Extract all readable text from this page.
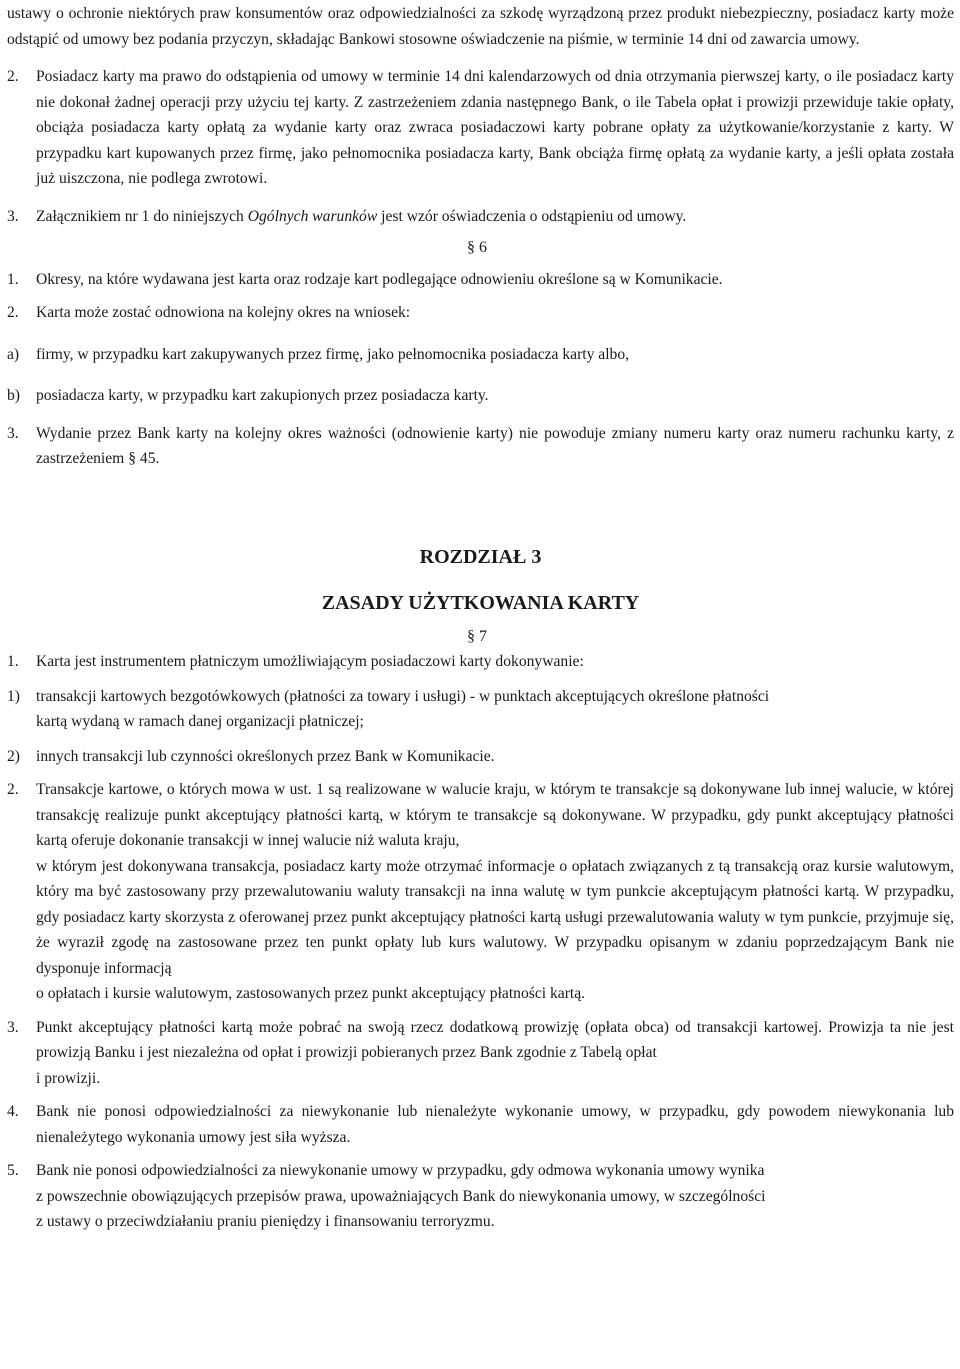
ustawy o ochronie niektórych praw konsumentów oraz odpowiedzialności za szkodę wyrządzoną przez produkt niebezpieczny, posiadacz karty może odstąpić od umowy bez podania przyczyn, składając Bankowi stosowne oświadczenie na piśmie, w terminie 14 dni od zawarcia umowy.

2. Posiadacz karty ma prawo do odstąpienia od umowy w terminie 14 dni kalendarzowych od dnia otrzymania pierwszej karty, o ile posiadacz karty nie dokonał żadnej operacji przy użyciu tej karty. Z zastrzeżeniem zdania następnego Bank, o ile Tabela opłat i prowizji przewiduje takie opłaty, obciąża posiadacza karty opłatą za wydanie karty oraz zwraca posiadaczowi karty pobrane opłaty za użytkowanie/korzystanie z karty. W przypadku kart kupowanych przez firmę, jako pełnomocnika posiadacza karty, Bank obciąża firmę opłatą za wydanie karty, a jeśli opłata została już uiszczona, nie podlega zwrotowi.
3. Załącznikiem nr 1 do niniejszych Ogólnych warunków jest wzór oświadczenia o odstąpieniu od umowy.
§ 6
1. Okresy, na które wydawana jest karta oraz rodzaje kart podlegające odnowieniu określone są w Komunikacie.
2. Karta może zostać odnowiona na kolejny okres na wniosek:
a) firmy, w przypadku kart zakupywanych przez firmę, jako pełnomocnika posiadacza karty albo,
b) posiadacza karty, w przypadku kart zakupionych przez posiadacza karty.
3. Wydanie przez Bank karty na kolejny okres ważności (odnowienie karty) nie powoduje zmiany numeru karty oraz numeru rachunku karty, z zastrzeżeniem § 45.
ROZDZIAŁ 3
ZASADY UŻYTKOWANIA KARTY
§ 7
1. Karta jest instrumentem płatniczym umożliwiającym posiadaczowi karty dokonywanie:
1) transakcji kartowych bezgotówkowych (płatności za towary i usługi) - w punktach akceptujących określone płatności
kartą wydaną w ramach danej organizacji płatniczej;
2) innych transakcji lub czynności określonych przez Bank w Komunikacie.
2. Transakcje kartowe, o których mowa w ust. 1 są realizowane w walucie kraju, w którym te transakcje są dokonywane lub innej walucie, w której transakcję realizuje punkt akceptujący płatności kartą, w którym te transakcje są dokonywane. W przypadku, gdy punkt akceptujący płatności kartą oferuje dokonanie transakcji w innej walucie niż waluta kraju,
w którym jest dokonywana transakcja, posiadacz karty może otrzymać informacje o opłatach związanych z tą transakcją oraz kursie walutowym, który ma być zastosowany przy przewalutowaniu waluty transakcji na inna walutę w tym punkcie akceptującym płatności kartą. W przypadku, gdy posiadacz karty skorzysta z oferowanej przez punkt akceptujący płatności kartą usługi przewalutowania waluty w tym punkcie, przyjmuje się, że wyraził zgodę na zastosowane przez ten punkt opłaty lub kurs walutowy. W przypadku opisanym w zdaniu poprzedzającym Bank nie dysponuje informacją
o opłatach i kursie walutowym, zastosowanych przez punkt akceptujący płatności kartą.
3. Punkt akceptujący płatności kartą może pobrać na swoją rzecz dodatkową prowizję (opłata obca) od transakcji kartowej. Prowizja ta nie jest prowizją Banku i jest niezależna od opłat i prowizji pobieranych przez Bank zgodnie z Tabelą opłat
i prowizji.
4. Bank nie ponosi odpowiedzialności za niewykonanie lub nienależyte wykonanie umowy, w przypadku, gdy powodem niewykonania lub nienależytego wykonania umowy jest siła wyższa.
5. Bank nie ponosi odpowiedzialności za niewykonanie umowy w przypadku, gdy odmowa wykonania umowy wynika
z powszechnie obowiązujących przepisów prawa, upoważniających Bank do niewykonania umowy, w szczególności
z ustawy o przeciwdziałaniu praniu pieniędzy i finansowaniu terroryzmu.
